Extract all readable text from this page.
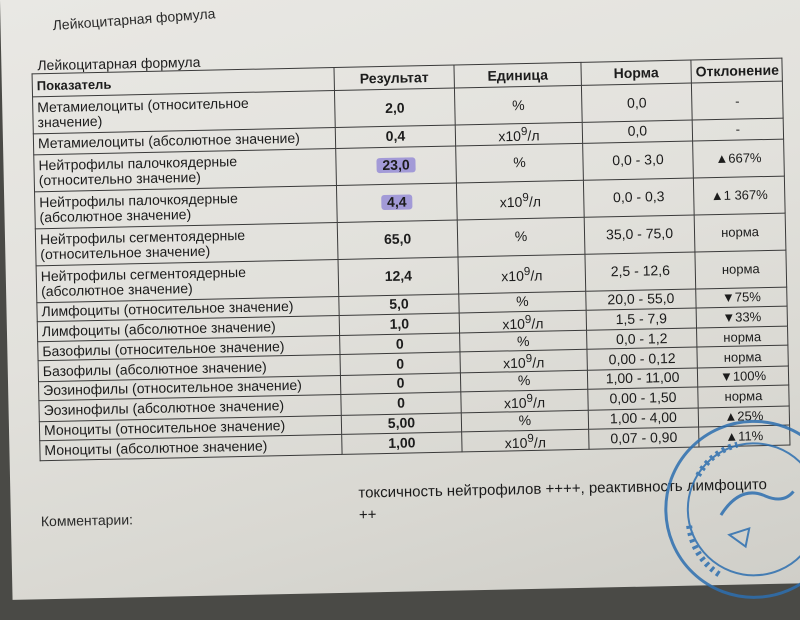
Лейкоцитарная формула
Лейкоцитарная формула
Показатель	Результат	Единица	Норма	Отклонение

Метамиелоциты (относительное
значение)	2,0	%	0,0	-

Метамиелоциты (абсолютное значение)	0,4	$х10^9/л$	0,0	-

Нейтрофилы палочкоядерные
(относительно значение)	23,0	%	0,0 - 3,0	▲667%

Нейтрофилы палочкоядерные
(абсолютное значение)	4,4	$х10^9/л$	0,0 - 0,3	▲1 367%

Нейтрофилы сегментоядерные
(относительное значение)	65,0	%	35,0 - 75,0	норма

Нейтрофилы сегментоядерные
(абсолютное значение)	12,4	$х10^9/л$	2,5 - 12,6	норма

Лимфоциты (относительное значение)	5,0	%	20,0 - 55,0	▼75%

Лимфоциты (абсолютное значение)	1,0	$х10^9/л$	1,5 - 7,9	▼33%

Базофилы (относительное значение)	0	%	0,0 - 1,2	норма

Базофилы (абсолютное значение)	0	$х10^9/л$	0,00 - 0,12	норма

Эозинофилы (относительное значение)	0	%	1,00 - 11,00	▼100%

Эозинофилы (абсолютное значение)	0	$х10^9/л$	0,00 - 1,50	норма

Моноциты (относительное значение)	5,00	%	1,00 - 4,00	▲25%

Моноциты (абсолютное значение)	1,00	$х10^9/л$	0,07 - 0,90	▲11%
Комментарии:
токсичность нейтрофилов ++++, реактивность лимфоцито
++
